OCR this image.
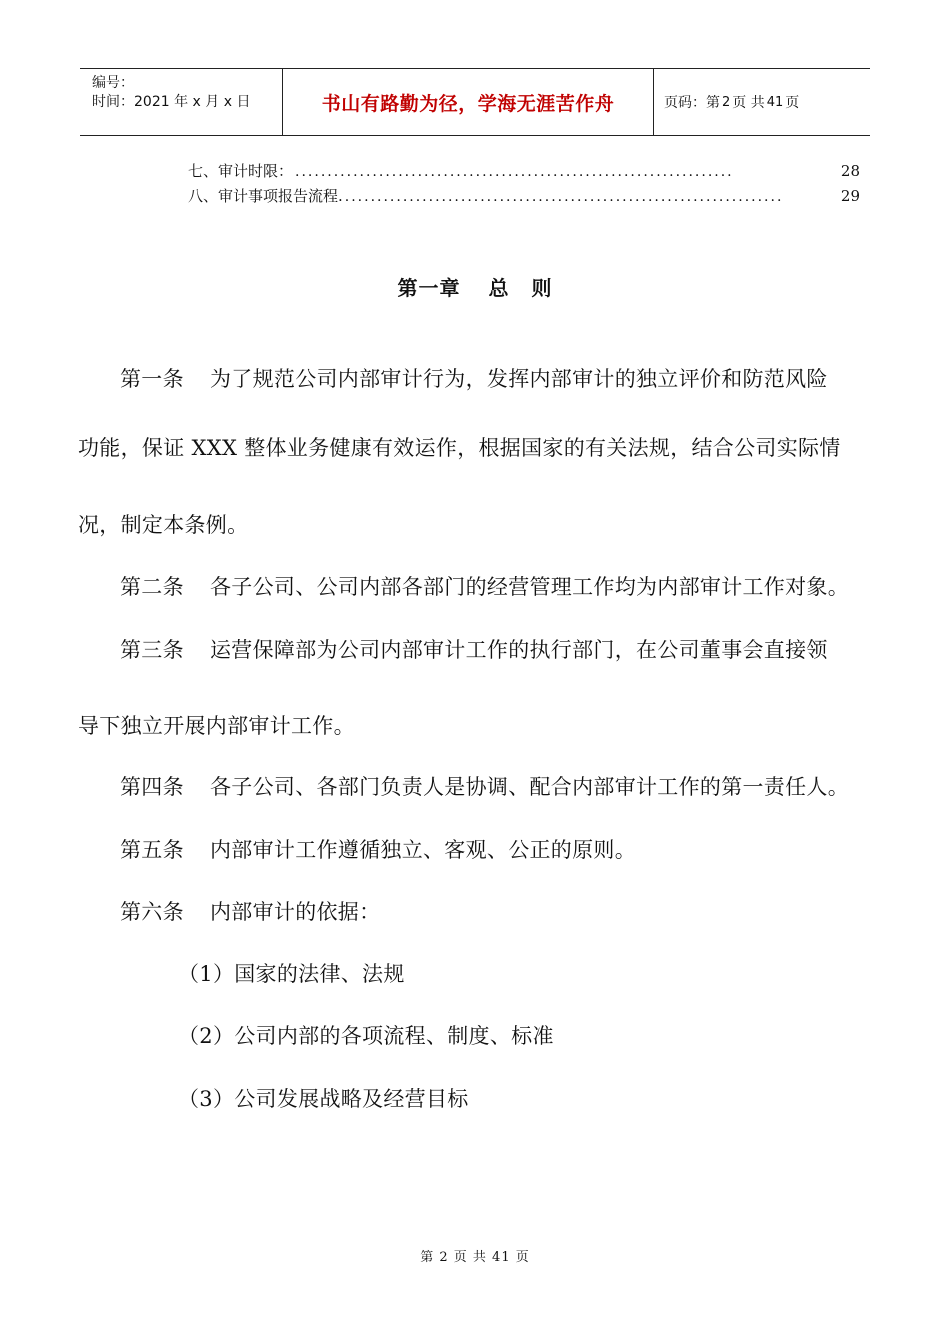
编号：
时间：2021 年 x 月 x 日	书山有路勤为径，学海无涯苦作舟	页码：第 2 页 共 41 页
七、审计时限： ....................................................................	28
八、审计事项报告流程. ....................................................................	29
第一章 总 则
第一条 为了规范公司内部审计行为，发挥内部审计的独立评价和防范风险
功能，保证 XXX 整体业务健康有效运作，根据国家的有关法规，结合公司实际情
况，制定本条例。
第二条 各子公司、公司内部各部门的经营管理工作均为内部审计工作对象。
第三条 运营保障部为公司内部审计工作的执行部门，在公司董事会直接领
导下独立开展内部审计工作。
第四条 各子公司、各部门负责人是协调、配合内部审计工作的第一责任人。
第五条 内部审计工作遵循独立、客观、公正的原则。
第六条 内部审计的依据：
（1）国家的法律、法规
（2）公司内部的各项流程、制度、标准
（3）公司发展战略及经营目标
第 2 页 共 41 页
